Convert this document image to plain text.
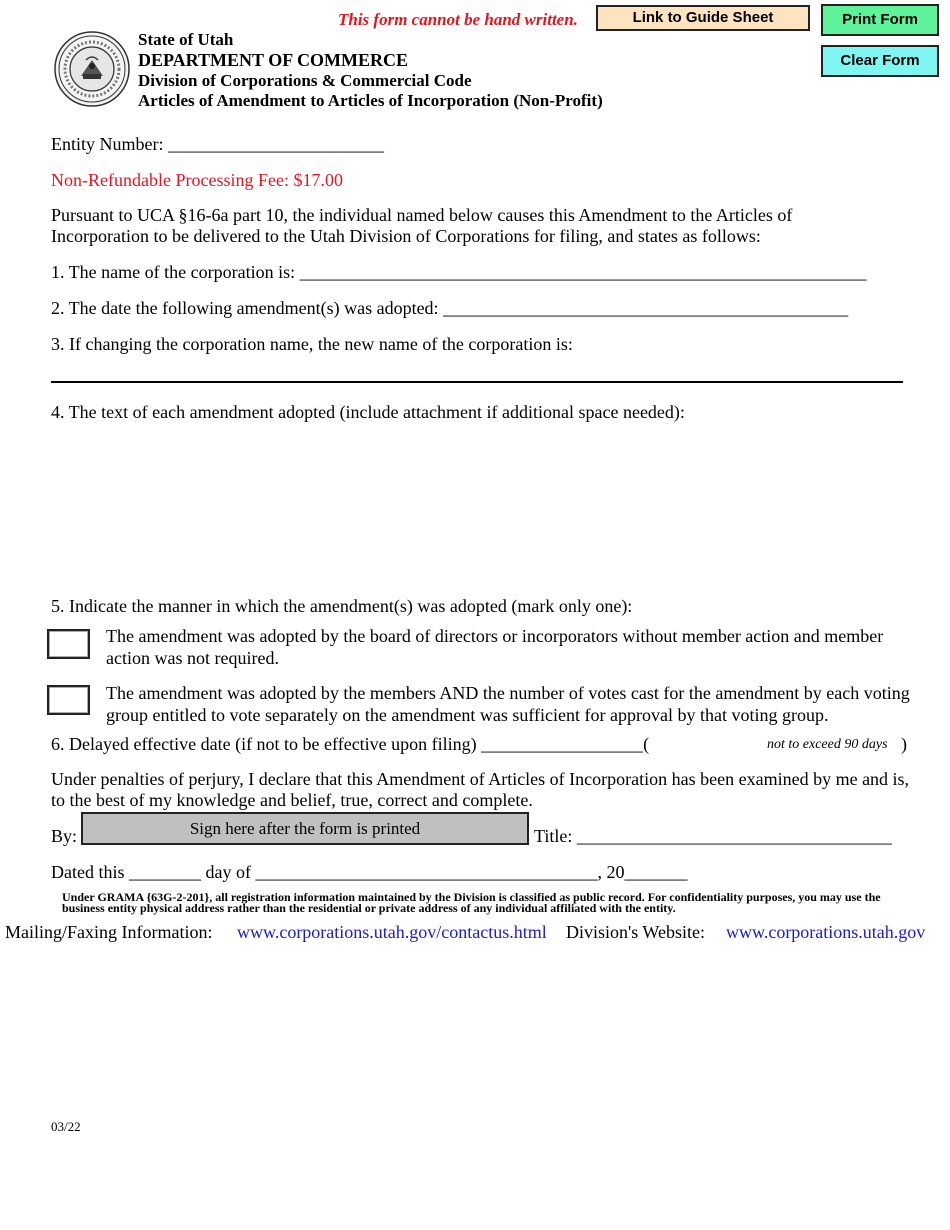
This form cannot be hand written.	Link to Guide Sheet	Print Form
Clear Form
State of Utah
DEPARTMENT OF COMMERCE
Division of Corporations & Commercial Code
Articles of Amendment to Articles of Incorporation (Non-Profit)
Entity Number: ________________________
Non-Refundable Processing Fee: $17.00
Pursuant to UCA §16-6a part 10, the individual named below causes this Amendment to the Articles of Incorporation to be delivered to the Utah Division of Corporations for filing, and states as follows:
1. The name of the corporation is: _______________________________________________________________
2. The date the following amendment(s) was adopted: _____________________________________________
3. If changing the corporation name, the new name of the corporation is:
4. The text of each amendment adopted (include attachment if additional space needed):
5. Indicate the manner in which the amendment(s) was adopted (mark only one):
The amendment was adopted by the board of directors or incorporators without member action and member action was not required.
The amendment was adopted by the members AND the number of votes cast for the amendment by each voting group entitled to vote separately on the amendment was sufficient for approval by that voting group.
6. Delayed effective date (if not to be effective upon filing) __________________(	not to exceed 90 days )
Under penalties of perjury, I declare that this Amendment of Articles of Incorporation has been examined by me and is, to the best of my knowledge and belief, true, correct and complete.
By:	Sign here after the form is printed	Title: ___________________________________
Dated this ________ day of ______________________________________, 20_______
Under GRAMA {63G-2-201}, all registration information maintained by the Division is classified as public record. For confidentiality purposes, you may use the business entity physical address rather than the residential or private address of any individual affiliated with the entity.
Mailing/Faxing Information: www.corporations.utah.gov/contactus.html Division's Website: www.corporations.utah.gov
03/22
